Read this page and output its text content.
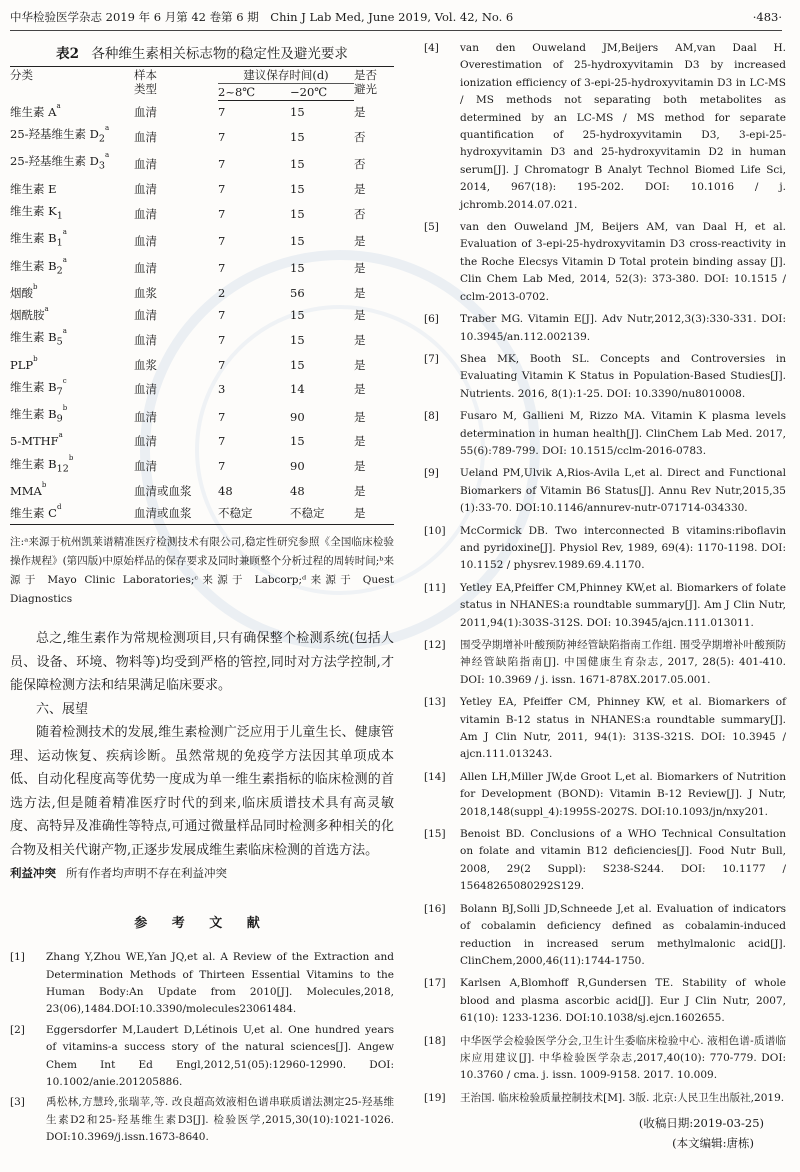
中华检验医学杂志 2019 年 6 月第 42 卷第 6 期　Chin J Lab Med, June 2019, Vol. 42, No. 6	·483·
表2 各种维生素相关标志物的稳定性及避光要求
分类	样本
类型	建议保存时间(d)		是否
避光
		2~8℃	−20℃	
维生素 $A^a$	血清	7	15	是
25-羟基维生素 $D_2^a$	血清	7	15	否
25-羟基维生素 $D_3^a$	血清	7	15	否
维生素 E	血清	7	15	是
维生素 $K_1$	血清	7	15	否
维生素 $B_1^a$	血清	7	15	是
维生素 $B_2^a$	血清	7	15	是
烟酸$^b$	血浆	2	56	是
烟酰胺$^a$	血清	7	15	是
维生素 $B_5^a$	血清	7	15	是
PLP$^b$	血浆	7	15	是
维生素 $B_7^c$	血清	3	14	是
维生素 $B_9^b$	血清	7	90	是
5-MTHF$^a$	血清	7	15	是
维生素 $B_{12}^b$	血清	7	90	是
MMA$^b$	血清或血浆	48	48	是
维生素 $C^d$	血清或血浆	不稳定	不稳定	是

注:ᵃ来源于杭州凯莱谱精准医疗检测技术有限公司,稳定性研究参照《全国临床检验操作规程》(第四版)中原始样品的保存要求及同时兼顾整个分析过程的周转时间;ᵇ来源于 Mayo Clinic Laboratories;ᶜ来源于 Labcorp;ᵈ来源于 Quest Diagnostics

总之,维生素作为常规检测项目,只有确保整个检测系统(包括人员、设备、环境、物料等)均受到严格的管控,同时对方法学控制,才能保障检测方法和结果满足临床要求。

六、展望

随着检测技术的发展,维生素检测广泛应用于儿童生长、健康管理、运动恢复、疾病诊断。虽然常规的免疫学方法因其单项成本低、自动化程度高等优势一度成为单一维生素指标的临床检测的首选方法,但是随着精准医疗时代的到来,临床质谱技术具有高灵敏度、高特异及准确性等特点,可通过微量样品同时检测多种相关的化合物及相关代谢产物,正逐步发展成维生素临床检测的首选方法。

利益冲突 所有作者均声明不存在利益冲突

参 考 文 献
[1]	Zhang Y,Zhou WE,Yan JQ,et al. A Review of the Extraction and Determination Methods of Thirteen Essential Vitamins to the Human Body:An Update from 2010[J]. Molecules,2018, 23(06),1484.DOI:10.3390/molecules23061484.
[2]	Eggersdorfer M,Laudert D,Létinois U,et al. One hundred years of vitamins-a success story of the natural sciences[J]. Angew Chem Int Ed Engl,2012,51(05):12960-12990. DOI: 10.1002/anie.201205886.
[3]	禹松林,方慧玲,张瑞苹,等. 改良超高效液相色谱串联质谱法测定25-羟基维生素D2和25-羟基维生素D3[J]. 检验医学,2015,30(10):1021-1026. DOI:10.3969/j.issn.1673-8640.
[4]	van den Ouweland JM,Beijers AM,van Daal H. Overestimation of 25-hydroxyvitamin D3 by increased ionization efficiency of 3-epi-25-hydroxyvitamin D3 in LC-MS / MS methods not separating both metabolites as determined by an LC-MS / MS method for separate quantification of 25-hydroxyvitamin D3, 3-epi-25-hydroxyvitamin D3 and 25-hydroxyvitamin D2 in human serum[J]. J Chromatogr B Analyt Technol Biomed Life Sci, 2014, 967(18): 195-202. DOI: 10.1016 / j. jchromb.2014.07.021.
[5]	van den Ouweland JM, Beijers AM, van Daal H, et al. Evaluation of 3-epi-25-hydroxyvitamin D3 cross-reactivity in the Roche Elecsys Vitamin D Total protein binding assay [J]. Clin Chem Lab Med, 2014, 52(3): 373-380. DOI: 10.1515 / cclm-2013-0702.
[6]	Traber MG. Vitamin E[J]. Adv Nutr,2012,3(3):330-331. DOI: 10.3945/an.112.002139.
[7]	Shea MK, Booth SL. Concepts and Controversies in Evaluating Vitamin K Status in Population-Based Studies[J]. Nutrients. 2016, 8(1):1-25. DOI: 10.3390/nu8010008.
[8]	Fusaro M, Gallieni M, Rizzo MA. Vitamin K plasma levels determination in human health[J]. ClinChem Lab Med. 2017, 55(6):789-799. DOI: 10.1515/cclm-2016-0783.
[9]	Ueland PM,Ulvik A,Rios-Avila L,et al. Direct and Functional Biomarkers of Vitamin B6 Status[J]. Annu Rev Nutr,2015,35 (1):33-70. DOI:10.1146/annurev-nutr-071714-034330.
[10]	McCormick DB. Two interconnected B vitamins:riboflavin and pyridoxine[J]. Physiol Rev, 1989, 69(4): 1170-1198. DOI: 10.1152 / physrev.1989.69.4.1170.
[11]	Yetley EA,Pfeiffer CM,Phinney KW,et al. Biomarkers of folate status in NHANES:a roundtable summary[J]. Am J Clin Nutr, 2011,94(1):303S-312S. DOI: 10.3945/ajcn.111.013011.
[12]	围受孕期增补叶酸预防神经管缺陷指南工作组. 围受孕期增补叶酸预防神经管缺陷指南[J]. 中国健康生育杂志, 2017, 28(5): 401-410. DOI: 10.3969 / j. issn. 1671-878X.2017.05.001.
[13]	Yetley EA, Pfeiffer CM, Phinney KW, et al. Biomarkers of vitamin B-12 status in NHANES:a roundtable summary[J]. Am J Clin Nutr, 2011, 94(1): 313S-321S. DOI: 10.3945 / ajcn.111.013243.
[14]	Allen LH,Miller JW,de Groot L,et al. Biomarkers of Nutrition for Development (BOND): Vitamin B-12 Review[J]. J Nutr, 2018,148(suppl_4):1995S-2027S. DOI:10.1093/jn/nxy201.
[15]	Benoist BD. Conclusions of a WHO Technical Consultation on folate and vitamin B12 deficiencies[J]. Food Nutr Bull, 2008, 29(2 Suppl): S238-S244. DOI: 10.1177 / 15648265080292S129.
[16]	Bolann BJ,Solli JD,Schneede J,et al. Evaluation of indicators of cobalamin deficiency defined as cobalamin-induced reduction in increased serum methylmalonic acid[J]. ClinChem,2000,46(11):1744-1750.
[17]	Karlsen A,Blomhoff R,Gundersen TE. Stability of whole blood and plasma ascorbic acid[J]. Eur J Clin Nutr, 2007, 61(10): 1233-1236. DOI:10.1038/sj.ejcn.1602655.
[18]	中华医学会检验医学分会,卫生计生委临床检验中心. 液相色谱-质谱临床应用建议[J]. 中华检验医学杂志,2017,40(10): 770-779. DOI: 10.3760 / cma. j. issn. 1009-9158. 2017. 10.009.
[19]	王治国. 临床检验质量控制技术[M]. 3版. 北京:人民卫生出版社,2019.
(收稿日期:2019-03-25)
(本文编辑:唐栋)
